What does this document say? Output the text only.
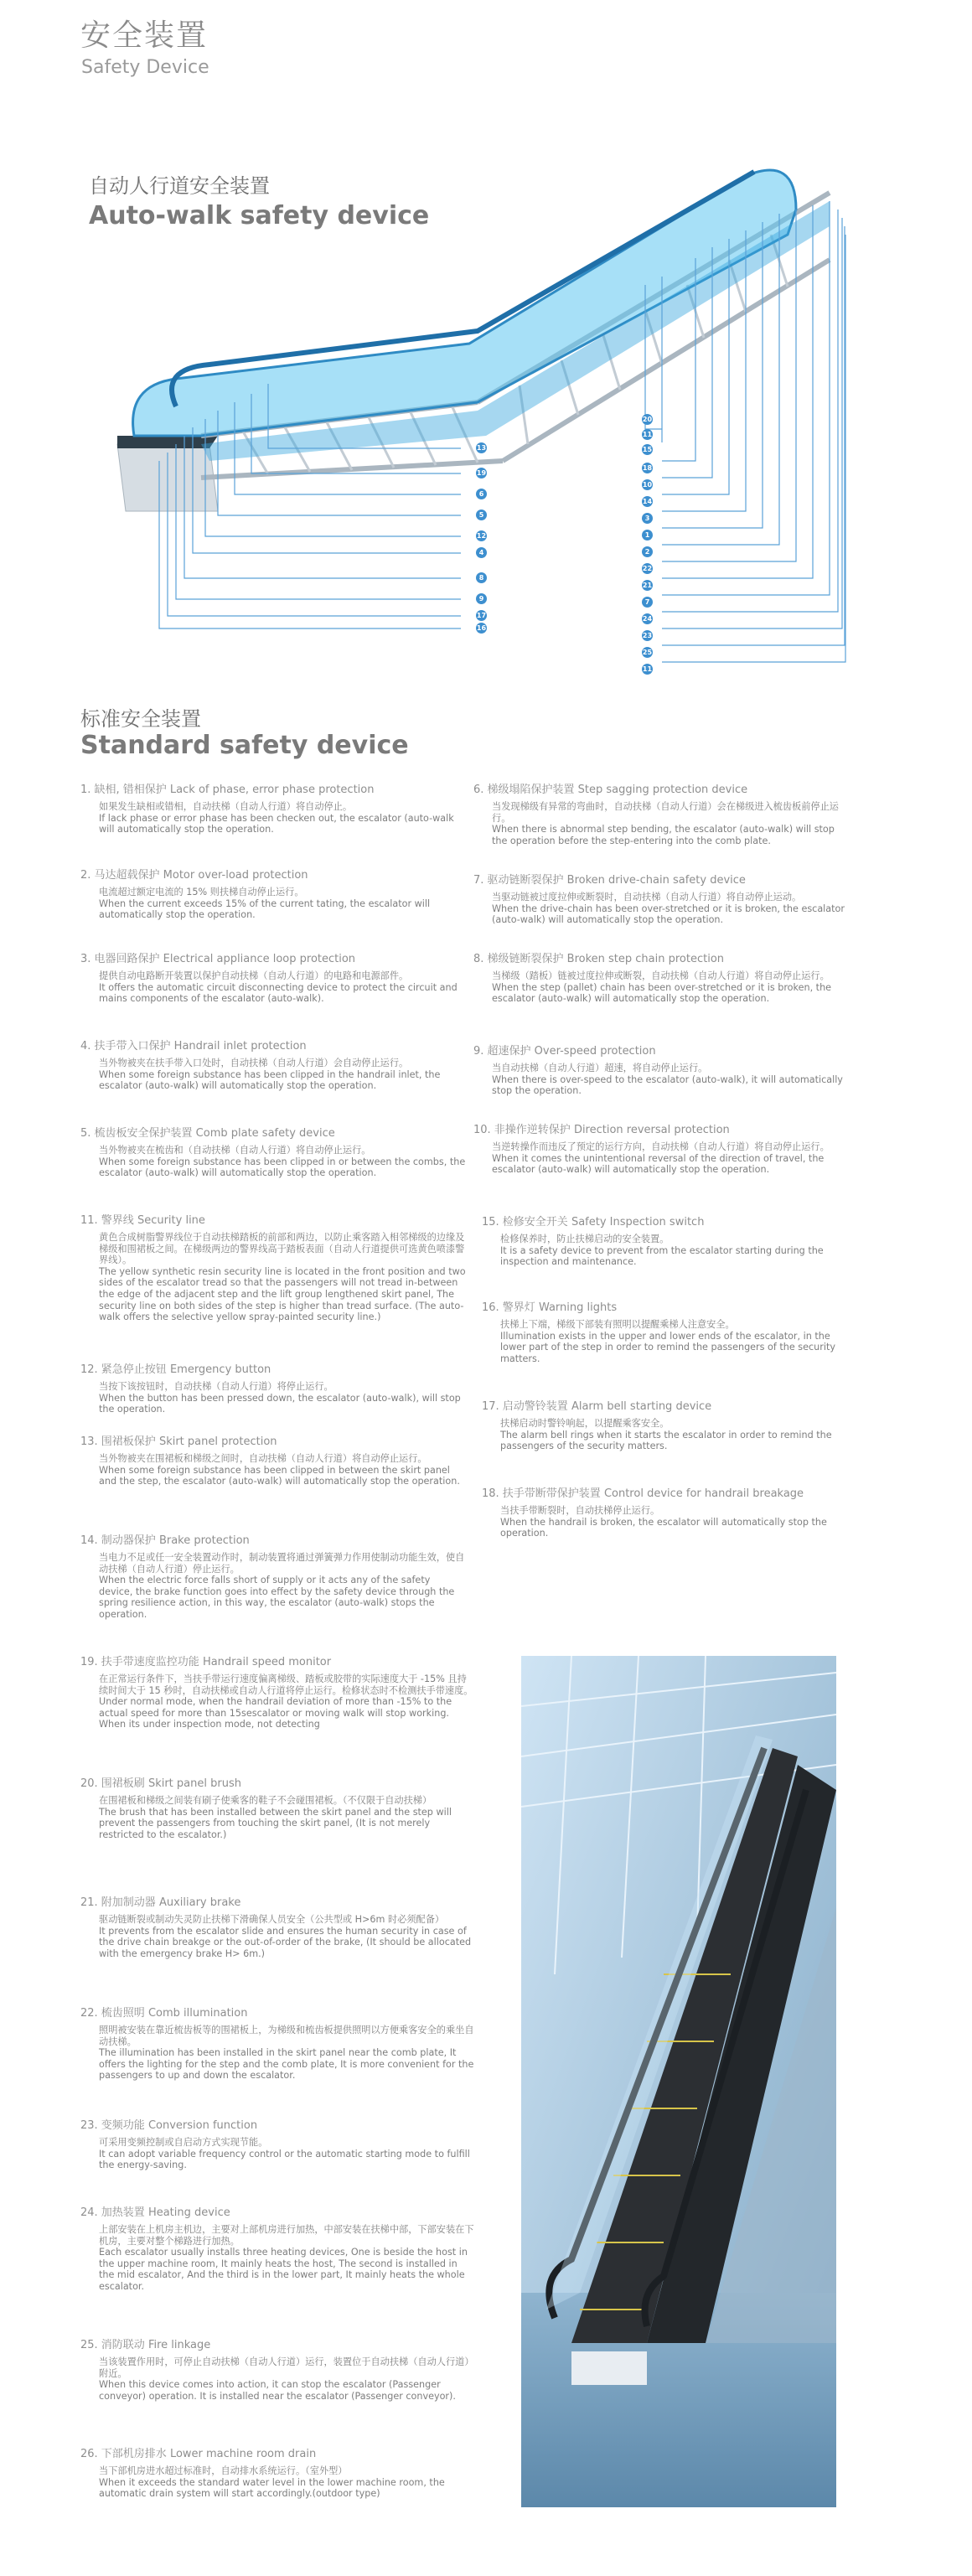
安全装置
Safety Device
自动人行道安全装置
Auto-walk safety device
13
19
6
5
12
4
8
9
17
16
20
11
15
18
10
14
3
1
2
22
21
7
24
23
25
11
标准安全装置
Standard safety device

1. 缺相, 错相保护 Lack of phase, error phase protection

如果发生缺相或错相，自动扶梯（自动人行道）将自动停止。

If lack phase or error phase has been checken out, the escalator (auto-walk will automatically stop the operation.

2. 马达超载保护 Motor over-load protection

电流超过额定电流的 15% 则扶梯自动停止运行。

When the current exceeds 15% of the current tating, the escalator will automatically stop the operation.

3. 电器回路保护 Electrical appliance loop protection

提供自动电路断开装置以保护自动扶梯（自动人行道）的电路和电源部件。

It offers the automatic circuit disconnecting device to protect the circuit and mains components of the escalator (auto-walk).

4. 扶手带入口保护 Handrail inlet protection

当外物被夹在扶手带入口处时，自动扶梯（自动人行道）会自动停止运行。

When some foreign substance has been clipped in the handrail inlet, the escalator (auto-walk) will automatically stop the operation.

5. 梳齿板安全保护装置 Comb plate safety device

当外物被夹在梳齿和（自动扶梯（自动人行道）将自动停止运行。

When some foreign substance has been clipped in or between the combs, the escalator (auto-walk) will automatically stop the operation.

11. 警界线 Security line

黄色合成树脂警界线位于自动扶梯踏板的前部和两边，以防止乘客踏入相邻梯级的边缘及梯级和围裙板之间。在梯级两边的警界线高于踏板表面（自动人行道提供可选黄色喷漆警界线）。

The yellow synthetic resin security line is located in the front position and two sides of the escalator tread so that the passengers will not tread in-between the edge of the adjacent step and the lift group lengthened skirt panel, The security line on both sides of the step is higher than tread surface. (The auto-walk offers the selective yellow spray-painted security line.)

12. 紧急停止按钮 Emergency button

当按下该按钮时，自动扶梯（自动人行道）将停止运行。

When the button has been pressed down, the escalator (auto-walk), will stop the operation.

13. 围裙板保护 Skirt panel protection

当外物被夹在围裙板和梯级之间时，自动扶梯（自动人行道）将自动停止运行。

When some foreign substance has been clipped in between the skirt panel and the step, the escalator (auto-walk) will automatically stop the operation.

14. 制动器保护 Brake protection

当电力不足或任一安全装置动作时，制动装置将通过弹簧弹力作用使制动功能生效，使自动扶梯（自动人行道）停止运行。

When the electric force falls short of supply or it acts any of the safety device, the brake function goes into effect by the safety device through the spring resilience action, in this way, the escalator (auto-walk) stops the operation.

19. 扶手带速度监控功能 Handrail speed monitor

在正常运行条件下，当扶手带运行速度偏离梯级、踏板或胶带的实际速度大于 -15% 且持续时间大于 15 秒时，自动扶梯或自动人行道将停止运行。检修状态时不检测扶手带速度。

Under normal mode, when the handrail deviation of more than -15% to the actual speed for more than 15sescalator or moving walk will stop working. When its under inspection mode, not detecting

20. 围裙板刷 Skirt panel brush

在围裙板和梯级之间装有刷子使乘客的鞋子不会碰围裙板。（不仅限于自动扶梯）

The brush that has been installed between the skirt panel and the step will prevent the passengers from touching the skirt panel, (It is not merely restricted to the escalator.)

21. 附加制动器 Auxiliary brake

驱动链断裂或制动失灵防止扶梯下滑确保人员安全（公共型或 H>6m 时必须配备）

It prevents from the escalator slide and ensures the human security in case of the drive chain breakge or the out-of-order of the brake, (It should be allocated with the emergency brake H> 6m.)

22. 梳齿照明 Comb illumination

照明被安装在靠近梳齿板等的围裙板上，为梯级和梳齿板提供照明以方便乘客安全的乘坐自动扶梯。

The illumination has been installed in the skirt panel near the comb plate, It offers the lighting for the step and the comb plate, It is more convenient for the passengers to up and down the escalator.

23. 变频功能 Conversion function

可采用变频控制或自启动方式实现节能。

It can adopt variable frequency control or the automatic starting mode to fulfill the energy-saving.

24. 加热装置 Heating device

上部安装在上机房主机边，主要对上部机房进行加热，中部安装在扶梯中部，下部安装在下机房，主要对整个梯路进行加热。

Each escalator usually installs three heating devices, One is beside the host in the upper machine room, It mainly heats the host, The second is installed in the mid escalator, And the third is in the lower part, It mainly heats the whole escalator.

25. 消防联动 Fire linkage

当该装置作用时，可停止自动扶梯（自动人行道）运行，装置位于自动扶梯（自动人行道）附近。

When this device comes into action, it can stop the escalator (Passenger conveyor) operation. It is installed near the escalator (Passenger conveyor).

26. 下部机房排水 Lower machine room drain

当下部机房进水超过标准时，自动排水系统运行。（室外型）

When it exceeds the standard water level in the lower machine room, the automatic drain system will start accordingly.(outdoor type)

6. 梯级塌陷保护装置 Step sagging protection device

当发现梯级有异常的弯曲时，自动扶梯（自动人行道）会在梯级进入梳齿板前停止运行。

When there is abnormal step bending, the escalator (auto-walk) will stop the operation before the step-entering into the comb plate.

7. 驱动链断裂保护 Broken drive-chain safety device

当驱动链被过度拉伸或断裂时，自动扶梯（自动人行道）将自动停止运动。

When the drive-chain has been over-stretched or it is broken, the escalator (auto-walk) will automatically stop the operation.

8. 梯级链断裂保护 Broken step chain protection

当梯级（踏板）链被过度拉伸或断裂，自动扶梯（自动人行道）将自动停止运行。

When the step (pallet) chain has been over-stretched or it is broken, the escalator (auto-walk) will automatically stop the operation.

9. 超速保护 Over-speed protection

当自动扶梯（自动人行道）超速，将自动停止运行。

When there is over-speed to the escalator (auto-walk), it will automatically stop the operation.

10. 非操作逆转保护 Direction reversal protection

当逆转操作而违反了预定的运行方向，自动扶梯（自动人行道）将自动停止运行。

When it comes the unintentional reversal of the direction of travel, the escalator (auto-walk) will automatically stop the operation.

15. 检修安全开关 Safety Inspection switch

检修保养时，防止扶梯启动的安全装置。

It is a safety device to prevent from the escalator starting during the inspection and maintenance.

16. 警界灯 Warning lights

扶梯上下端，梯级下部装有照明以提醒乘梯人注意安全。

Illumination exists in the upper and lower ends of the escalator, in the lower part of the step in order to remind the passengers of the security matters.

17. 启动警铃装置 Alarm bell starting device

扶梯启动时警铃响起，以提醒乘客安全。

The alarm bell rings when it starts the escalator in order to remind the passengers of the security matters.

18. 扶手带断带保护装置 Control device for handrail breakage

当扶手带断裂时，自动扶梯停止运行。

When the handrail is broken, the escalator will automatically stop the operation.
